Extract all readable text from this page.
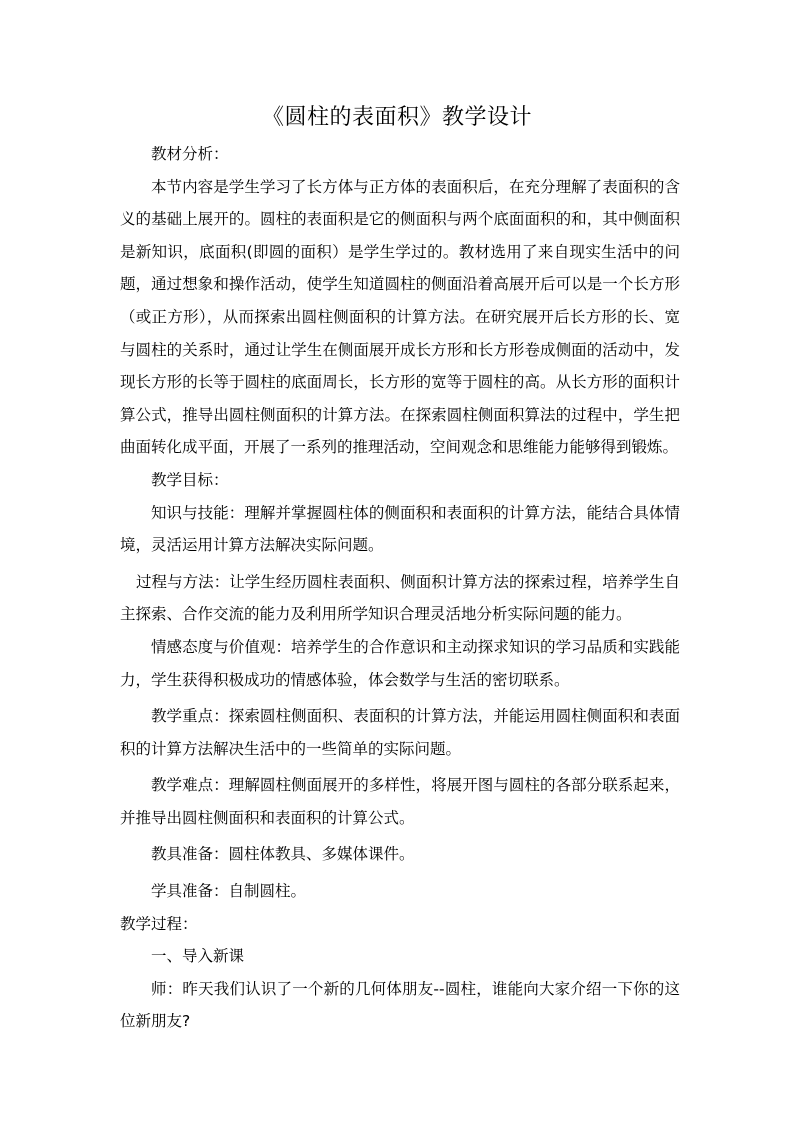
《圆柱的表面积》教学设计

教材分析：

本节内容是学生学习了长方体与正方体的表面积后，在充分理解了表面积的含义的基础上展开的。圆柱的表面积是它的侧面积与两个底面面积的和，其中侧面积是新知识，底面积(即圆的面积）是学生学过的。教材选用了来自现实生活中的问题，通过想象和操作活动，使学生知道圆柱的侧面沿着高展开后可以是一个长方形（或正方形），从而探索出圆柱侧面积的计算方法。在研究展开后长方形的长、宽与圆柱的关系时，通过让学生在侧面展开成长方形和长方形卷成侧面的活动中，发现长方形的长等于圆柱的底面周长，长方形的宽等于圆柱的高。从长方形的面积计算公式，推导出圆柱侧面积的计算方法。在探索圆柱侧面积算法的过程中，学生把曲面转化成平面，开展了一系列的推理活动，空间观念和思维能力能够得到锻炼。

教学目标：

知识与技能：理解并掌握圆柱体的侧面积和表面积的计算方法，能结合具体情境，灵活运用计算方法解决实际问题。

过程与方法：让学生经历圆柱表面积、侧面积计算方法的探索过程，培养学生自主探索、合作交流的能力及利用所学知识合理灵活地分析实际问题的能力。

情感态度与价值观：培养学生的合作意识和主动探求知识的学习品质和实践能力，学生获得积极成功的情感体验，体会数学与生活的密切联系。

教学重点：探索圆柱侧面积、表面积的计算方法，并能运用圆柱侧面积和表面积的计算方法解决生活中的一些简单的实际问题。

教学难点：理解圆柱侧面展开的多样性，将展开图与圆柱的各部分联系起来，并推导出圆柱侧面积和表面积的计算公式。

教具准备：圆柱体教具、多媒体课件。

学具准备：自制圆柱。

教学过程：

一、导入新课

师：昨天我们认识了一个新的几何体朋友--圆柱，谁能向大家介绍一下你的这位新朋友?
